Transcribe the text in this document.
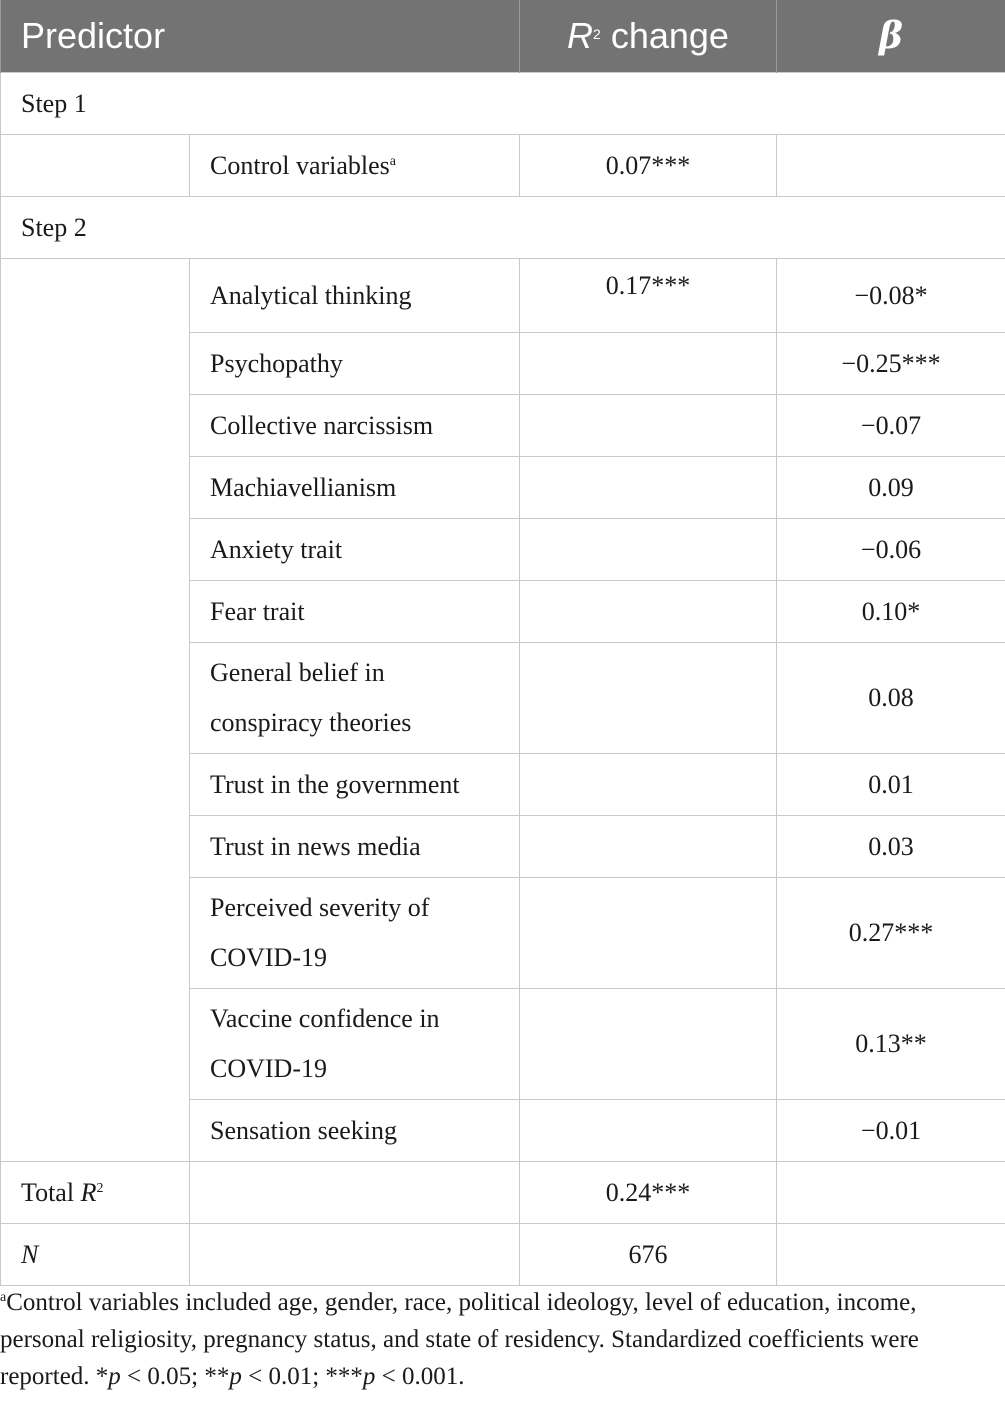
Predictor		$R^2$ change	β
Step 1			
	Control variables$^a$	0.07***	
Step 2			
	Analytical thinking	0.17***	−0.08*
	Psychopathy		−0.25***
	Collective narcissism		−0.07
	Machiavellianism		0.09
	Anxiety trait		−0.06
	Fear trait		0.10*
	General belief in
conspiracy theories		0.08
	Trust in the government		0.01
	Trust in news media		0.03
	Perceived severity of
COVID-19		0.27***
	Vaccine confidence in
COVID-19		0.13**
	Sensation seeking		−0.01
Total $R^2$		0.24***	
N		676	
$^a$Control variables included age, gender, race, political ideology, level of education, income, personal religiosity, pregnancy status, and state of residency. Standardized coefficients were reported. *p < 0.05; **p < 0.01; ***p < 0.001.
